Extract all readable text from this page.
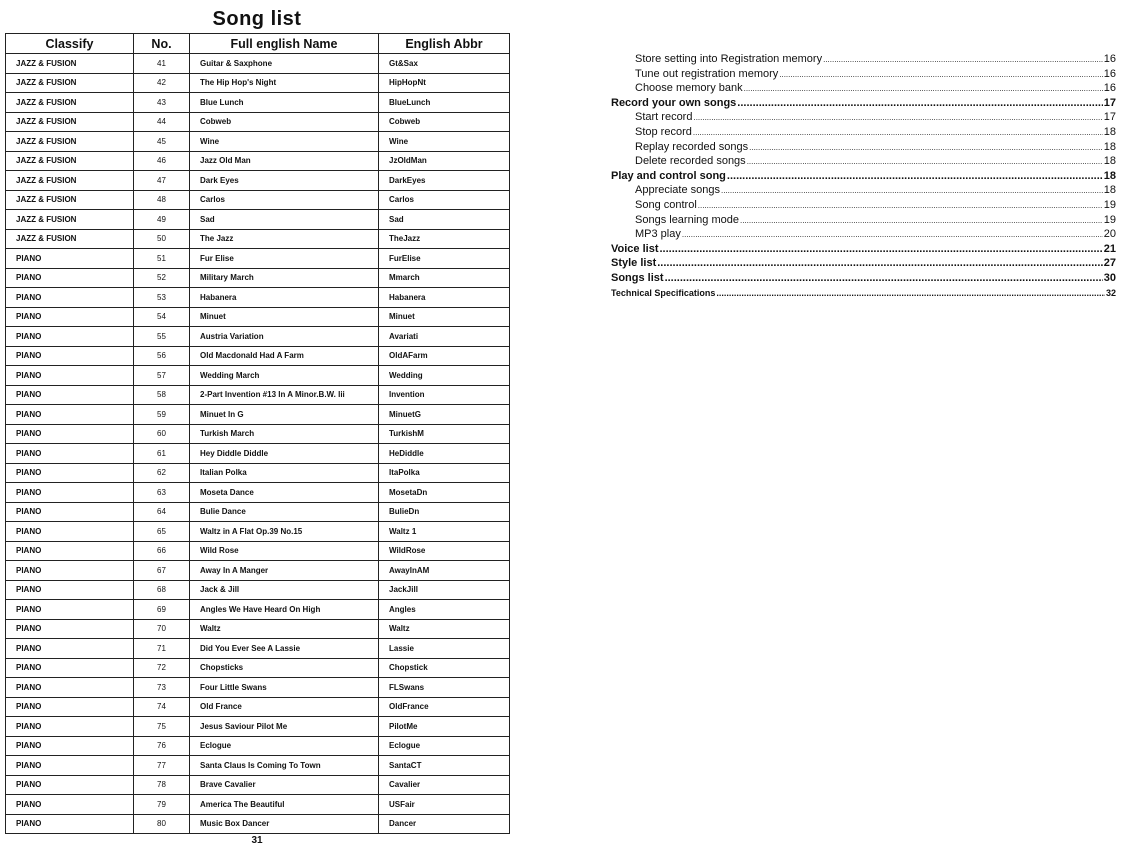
Song list
Classify	No.	Full english Name	English Abbr
JAZZ & FUSION	41	Guitar & Saxphone	Gt&Sax
JAZZ & FUSION	42	The Hip Hop's Night	HipHopNt
JAZZ & FUSION	43	Blue Lunch	BlueLunch
JAZZ & FUSION	44	Cobweb	Cobweb
JAZZ & FUSION	45	Wine	Wine
JAZZ & FUSION	46	Jazz Old Man	JzOldMan
JAZZ & FUSION	47	Dark Eyes	DarkEyes
JAZZ & FUSION	48	Carlos	Carlos
JAZZ & FUSION	49	Sad	Sad
JAZZ & FUSION	50	The Jazz	TheJazz
PIANO	51	Fur Elise	FurElise
PIANO	52	Military March	Mmarch
PIANO	53	Habanera	Habanera
PIANO	54	Minuet	Minuet
PIANO	55	Austria Variation	Avariati
PIANO	56	Old Macdonald Had A Farm	OldAFarm
PIANO	57	Wedding March	Wedding
PIANO	58	2-Part Invention #13 In A Minor.B.W. Iii	Invention
PIANO	59	Minuet In G	MinuetG
PIANO	60	Turkish March	TurkishM
PIANO	61	Hey Diddle Diddle	HeDiddle
PIANO	62	Italian Polka	ItaPolka
PIANO	63	Moseta Dance	MosetaDn
PIANO	64	Bulie Dance	BulieDn
PIANO	65	Waltz in A Flat Op.39 No.15	Waltz 1
PIANO	66	Wild Rose	WildRose
PIANO	67	Away In A Manger	AwayInAM
PIANO	68	Jack & Jill	JackJill
PIANO	69	Angles We Have Heard On High	Angles
PIANO	70	Waltz	Waltz
PIANO	71	Did You Ever See A Lassie	Lassie
PIANO	72	Chopsticks	Chopstick
PIANO	73	Four Little Swans	FLSwans
PIANO	74	Old France	OldFrance
PIANO	75	Jesus Saviour Pilot Me	PilotMe
PIANO	76	Eclogue	Eclogue
PIANO	77	Santa Claus Is Coming To Town	SantaCT
PIANO	78	Brave Cavalier	Cavalier
PIANO	79	America The Beautiful	USFair
PIANO	80	Music Box Dancer	Dancer
31
Store setting into Registration memory .....	16
Tune out registration memory .....	16
Choose memory bank .....	16
Record your own songs .....	17
Start record .....	17
Stop record .....	18
Replay recorded songs .....	18
Delete recorded songs .....	18
Play and control song .....	18
Appreciate songs .....	18
Song control .....	19
Songs learning mode .....	19
MP3 play .....	20
Voice list .....	21
Style list .....	27
Songs list .....	30
Technical Specifications .....	32
